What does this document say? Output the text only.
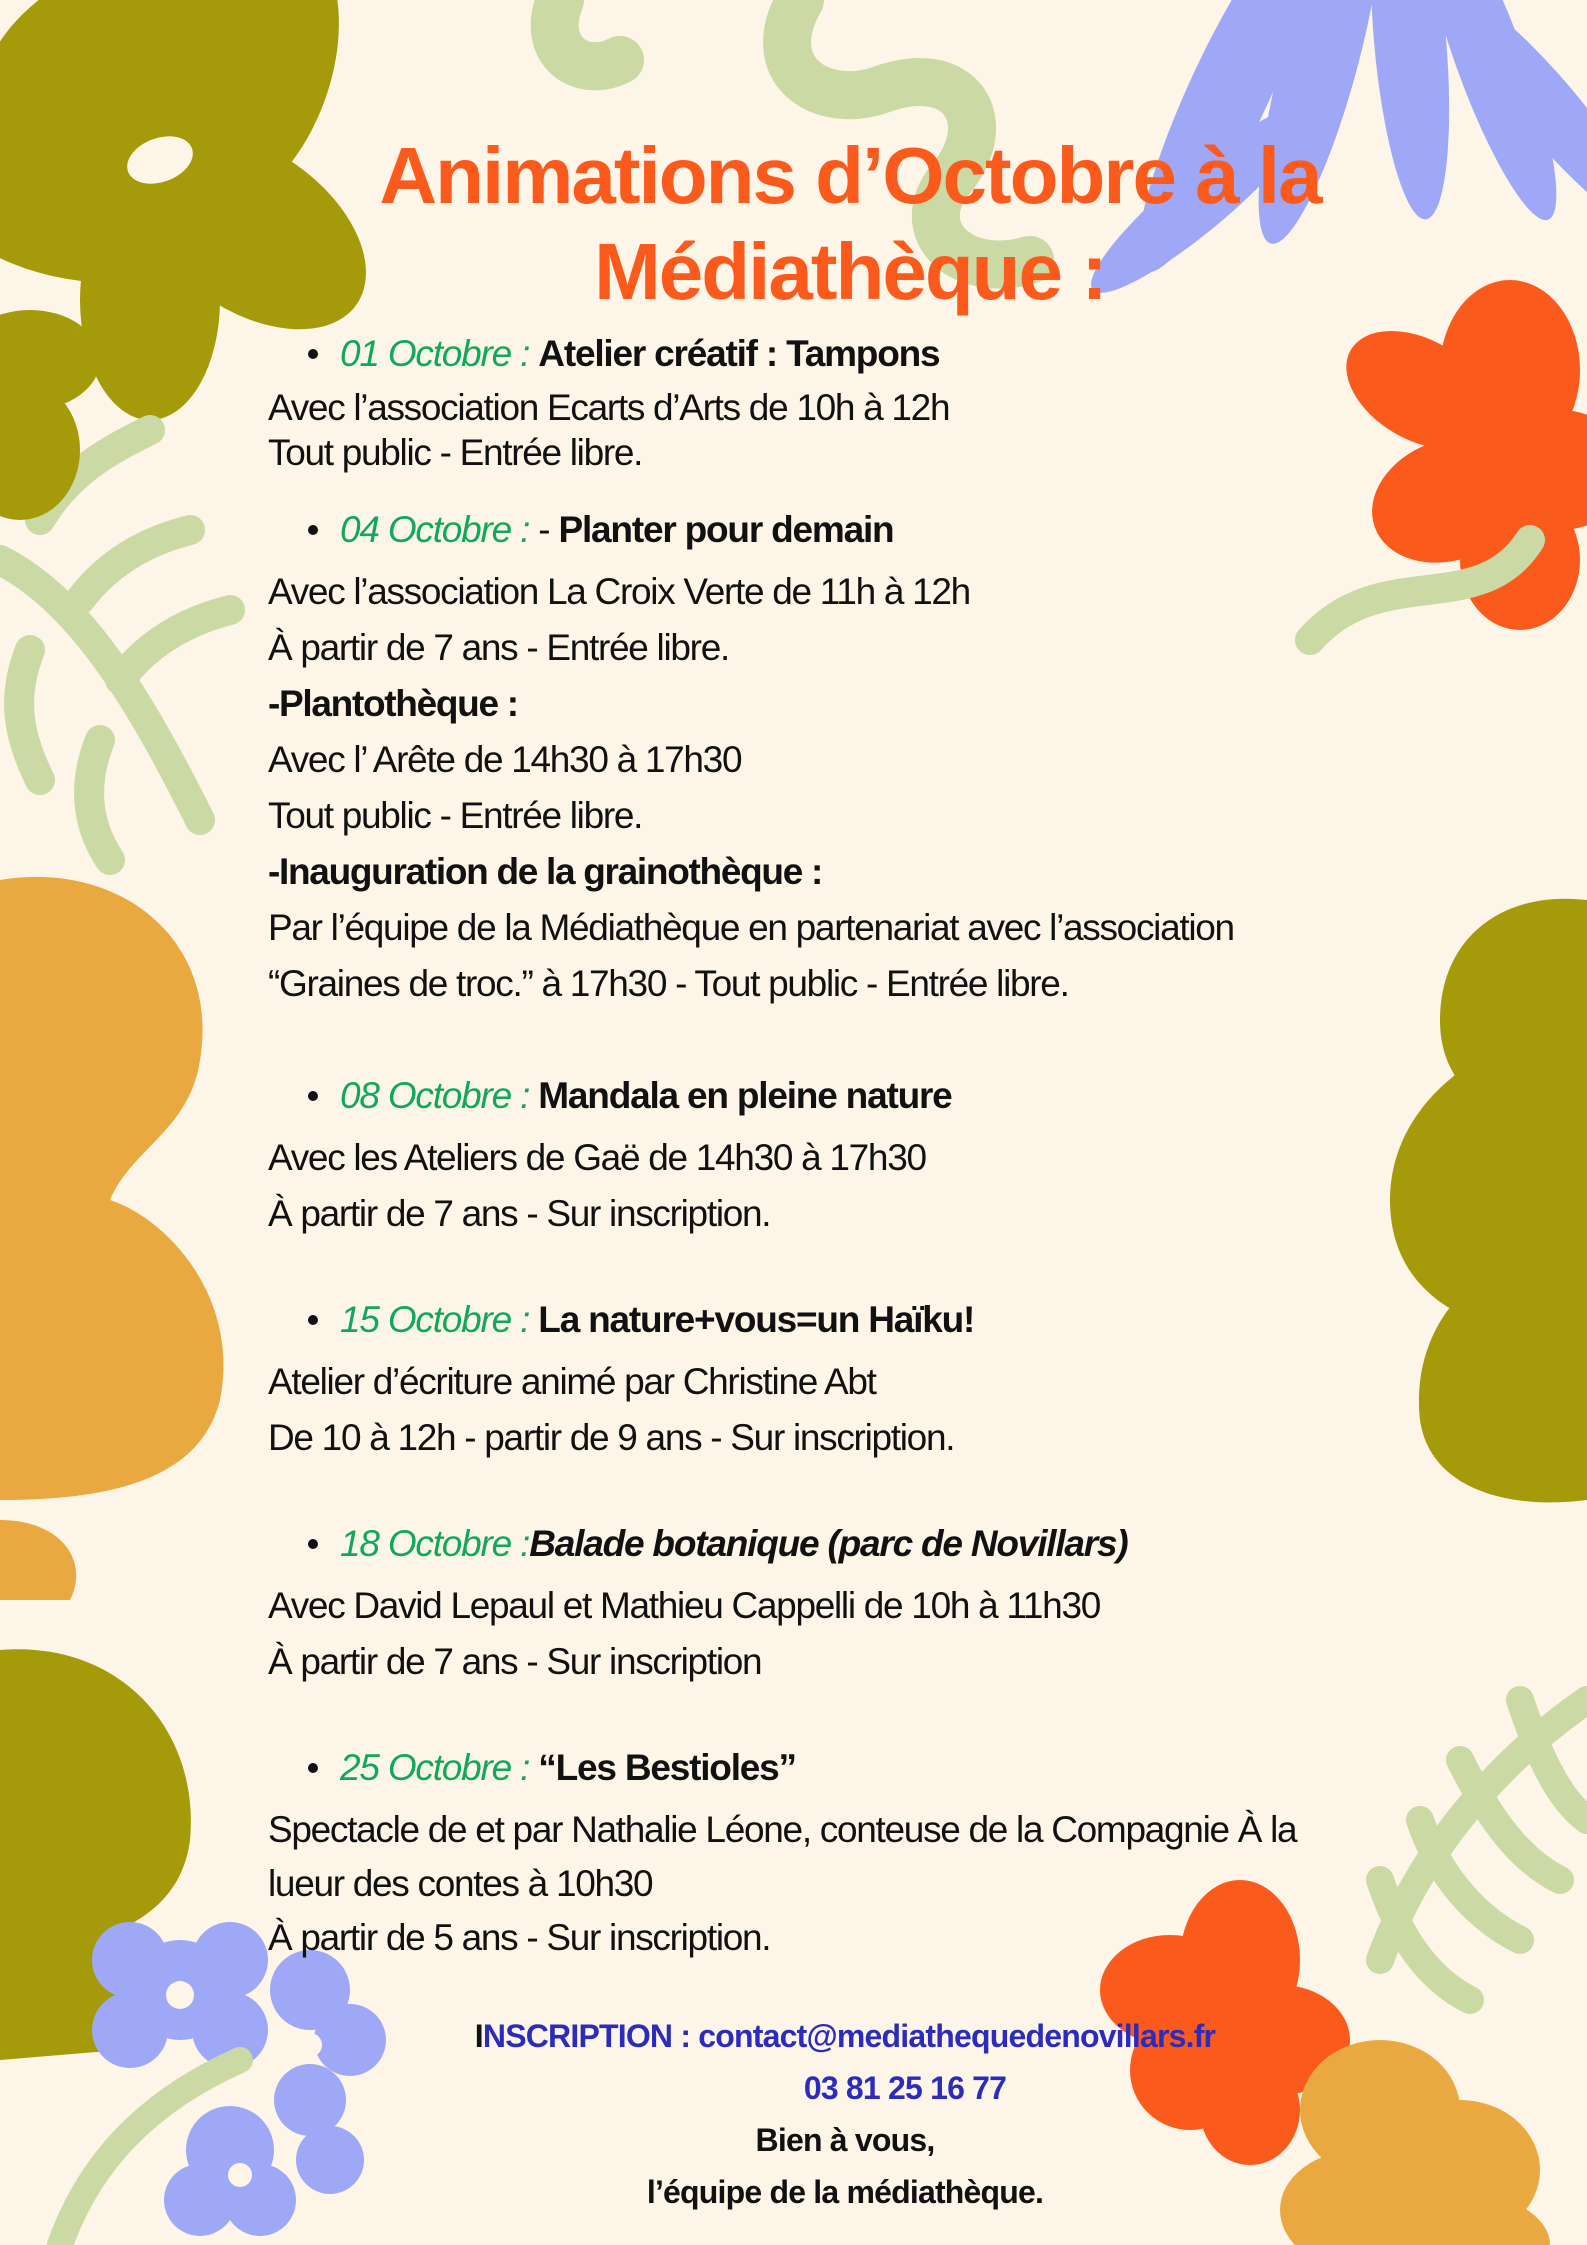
Animations d’Octobre à la
Médiathèque :
01 Octobre : Atelier créatif : Tampons
Avec l’association Ecarts d’Arts de 10h à 12h
Tout public - Entrée libre.
04 Octobre : - Planter pour demain
Avec l’association La Croix Verte de 11h à 12h
À partir de 7 ans - Entrée libre.
-Plantothèque :
Avec l’ Arête de 14h30 à 17h30
Tout public - Entrée libre.
-Inauguration de la grainothèque :
Par l’équipe de la Médiathèque en partenariat avec l’association
“Graines de troc.” à 17h30 - Tout public - Entrée libre.
08 Octobre : Mandala en pleine nature
Avec les Ateliers de Gaë de 14h30 à 17h30
À partir de 7 ans - Sur inscription.
15 Octobre : La nature+vous=un Haïku!
Atelier d’écriture animé par Christine Abt
De 10 à 12h - partir de 9 ans - Sur inscription.
18 Octobre :Balade botanique (parc de Novillars)
Avec David Lepaul et Mathieu Cappelli de 10h à 11h30
À partir de 7 ans - Sur inscription
25 Octobre : “Les Bestioles”
Spectacle de et par Nathalie Léone, conteuse de la Compagnie À la
lueur des contes à 10h30
À partir de 5 ans - Sur inscription.
INSCRIPTION : contact@mediathequedenovillars.fr
03 81 25 16 77
Bien à vous,
l’équipe de la médiathèque.
